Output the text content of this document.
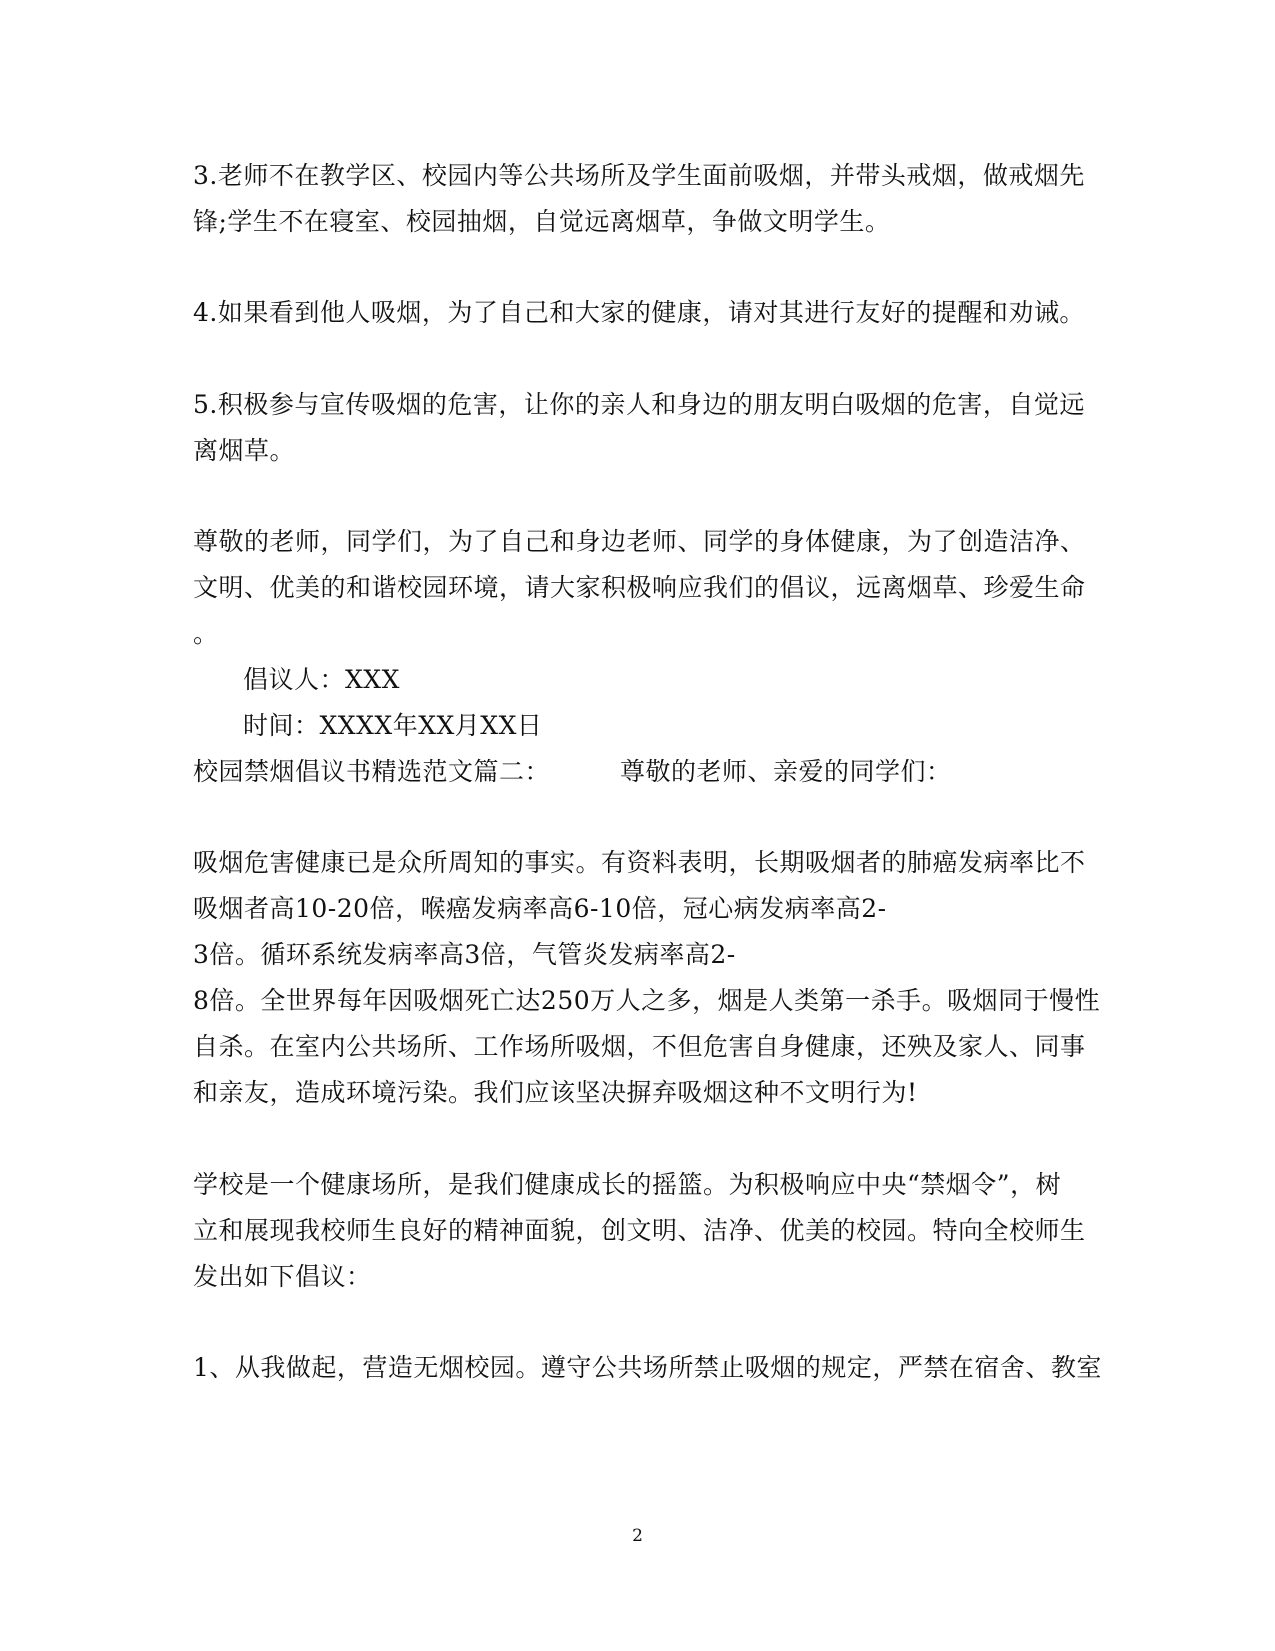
3.老师不在教学区、校园内等公共场所及学生面前吸烟，并带头戒烟，做戒烟先
锋;学生不在寝室、校园抽烟，自觉远离烟草，争做文明学生。
4.如果看到他人吸烟，为了自己和大家的健康，请对其进行友好的提醒和劝诫。
5.积极参与宣传吸烟的危害，让你的亲人和身边的朋友明白吸烟的危害，自觉远
离烟草。
尊敬的老师，同学们，为了自己和身边老师、同学的身体健康，为了创造洁净、
文明、优美的和谐校园环境，请大家积极响应我们的倡议，远离烟草、珍爱生命
。
倡议人：XXX
时间：XXXX年XX月XX日
校园禁烟倡议书精选范文篇二：	尊敬的老师、亲爱的同学们：
吸烟危害健康已是众所周知的事实。有资料表明，长期吸烟者的肺癌发病率比不
吸烟者高10-20倍，喉癌发病率高6-10倍，冠心病发病率高2-
3倍。循环系统发病率高3倍，气管炎发病率高2-
8倍。全世界每年因吸烟死亡达250万人之多，烟是人类第一杀手。吸烟同于慢性
自杀。在室内公共场所、工作场所吸烟，不但危害自身健康，还殃及家人、同事
和亲友，造成环境污染。我们应该坚决摒弃吸烟这种不文明行为!
学校是一个健康场所，是我们健康成长的摇篮。为积极响应中央“禁烟令”，树
立和展现我校师生良好的精神面貌，创文明、洁净、优美的校园。特向全校师生
发出如下倡议：
1、从我做起，营造无烟校园。遵守公共场所禁止吸烟的规定，严禁在宿舍、教室
2
